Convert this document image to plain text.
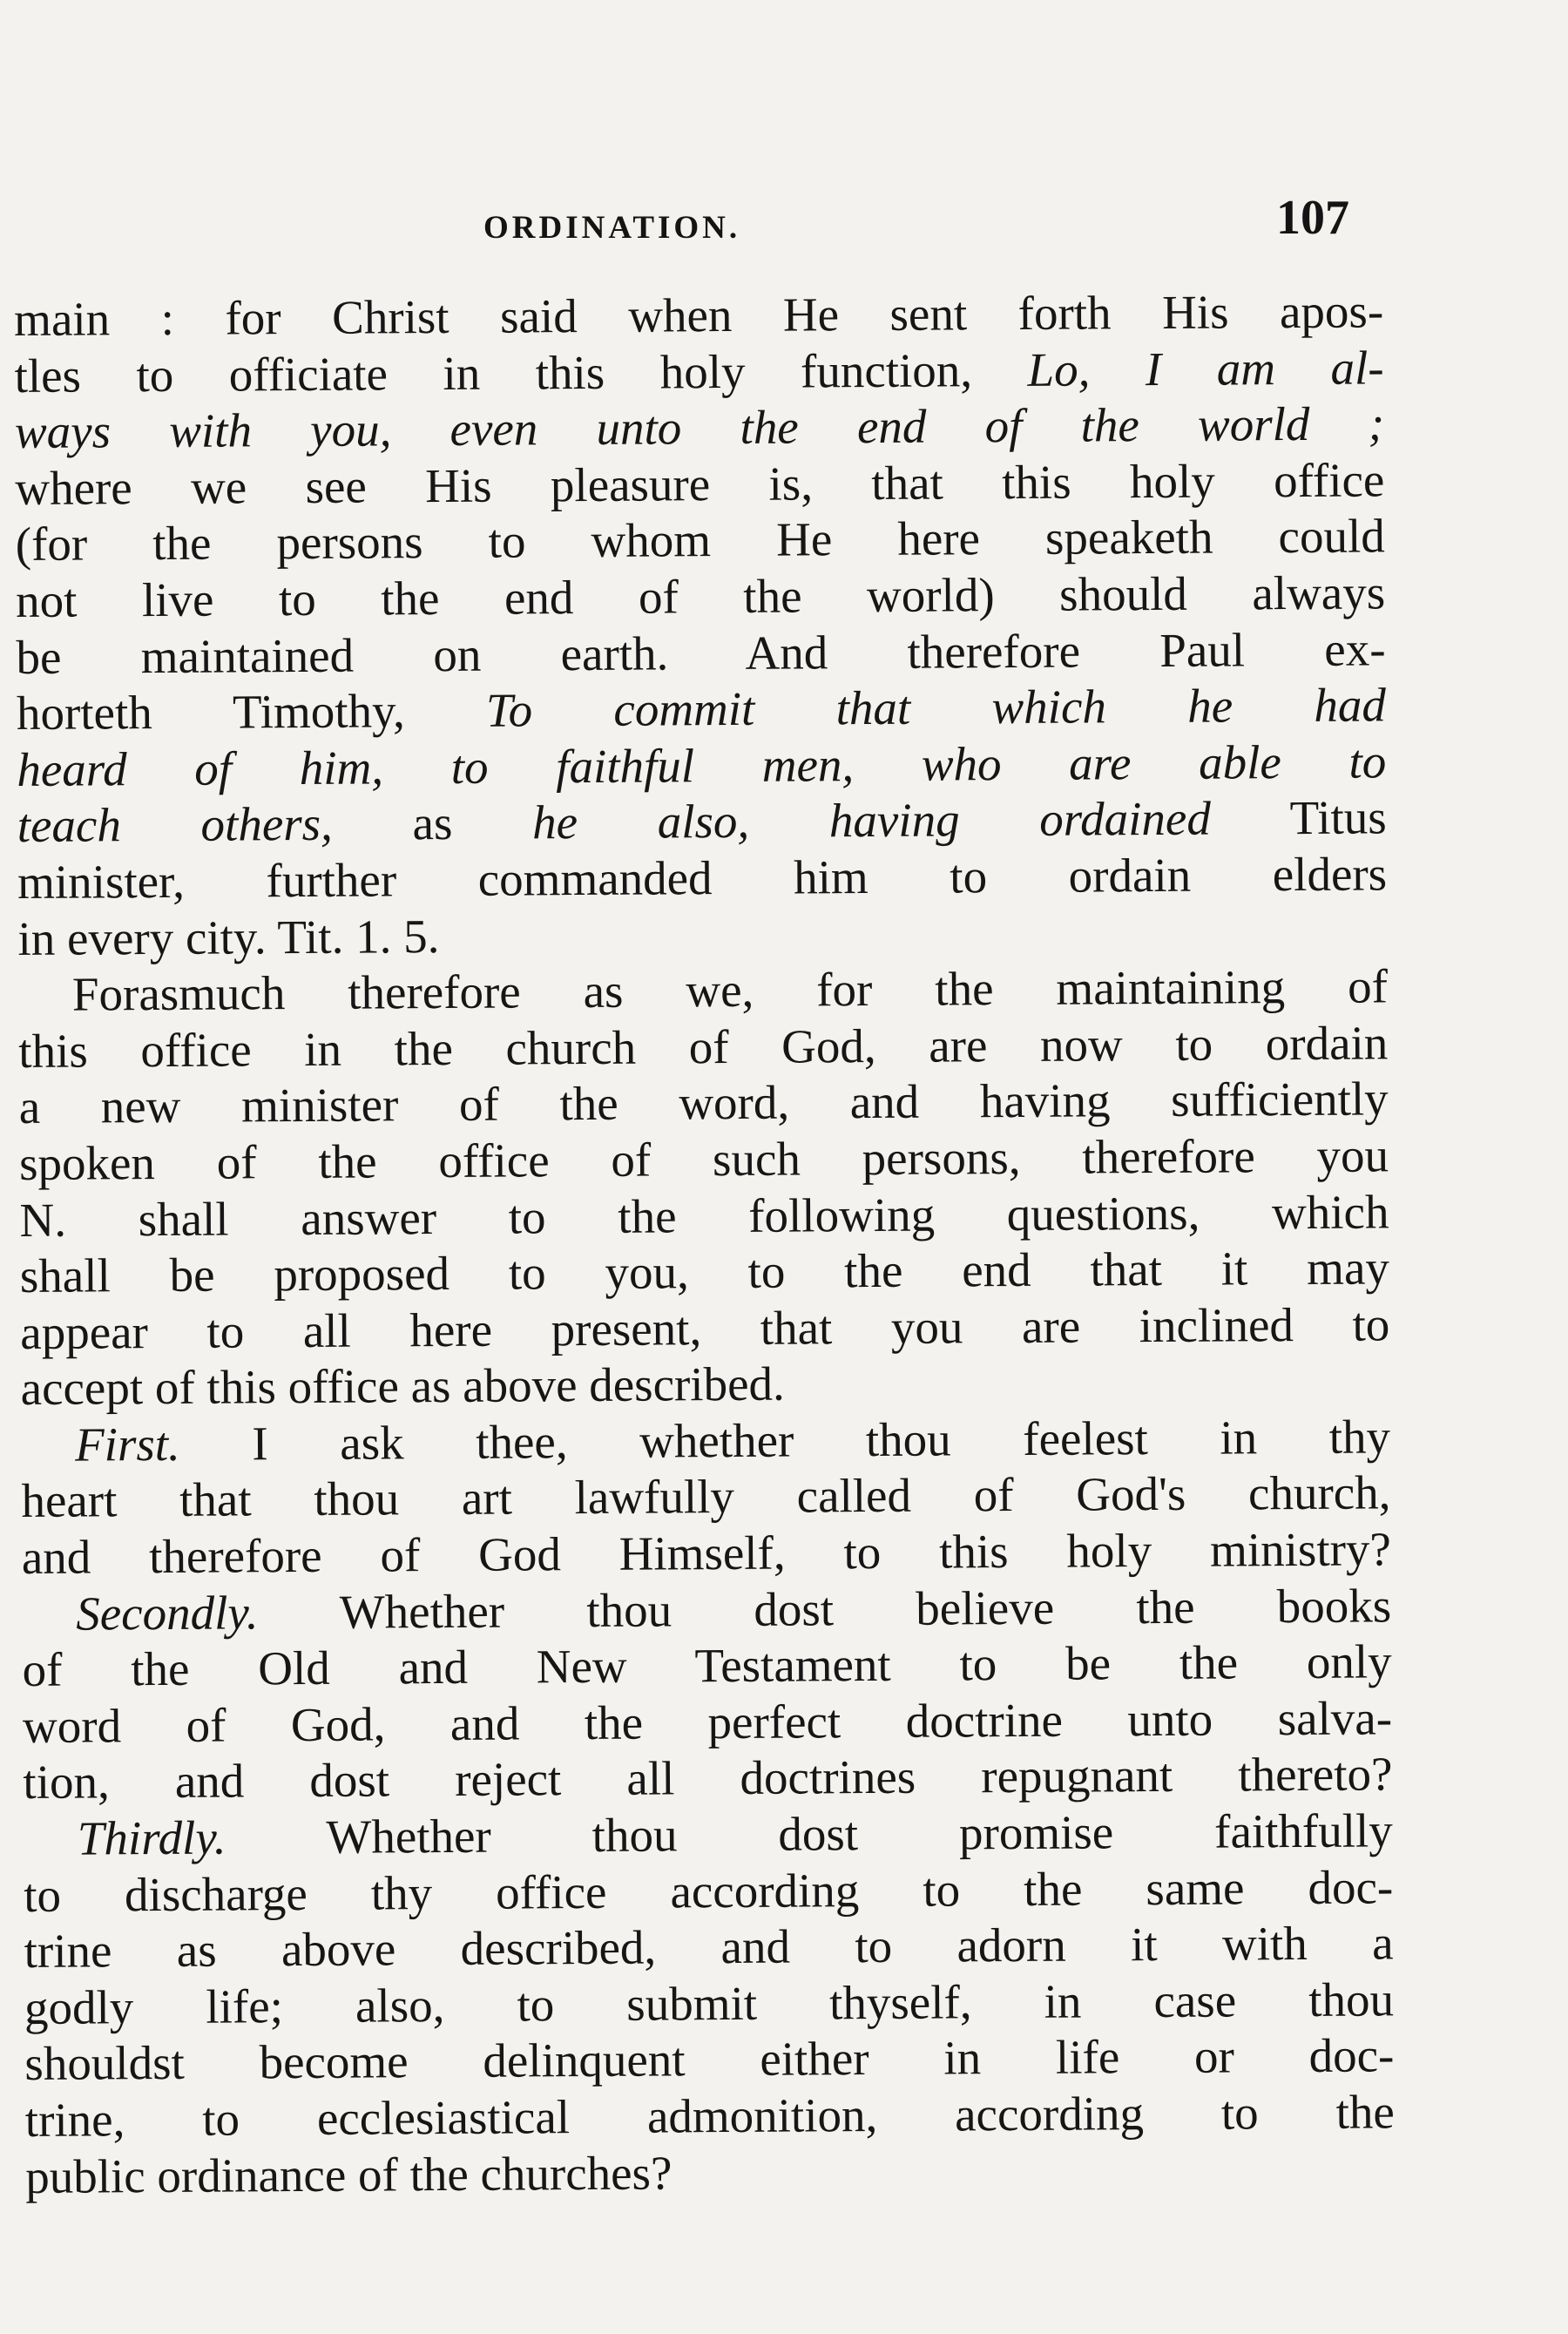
ORDINATION.	107
main : for Christ said when He sent forth His apos-
tles to officiate in this holy function, Lo, I am al-
ways with you, even unto the end of the world ;
where we see His pleasure is, that this holy office
(for the persons to whom He here speaketh could
not live to the end of the world) should always
be maintained on earth. And therefore Paul ex-
horteth Timothy, To commit that which he had
heard of him, to faithful men, who are able to
teach others, as he also, having ordained Titus
minister, further commanded him to ordain elders
in every city. Tit. 1. 5.
Forasmuch therefore as we, for the maintaining of
this office in the church of God, are now to ordain
a new minister of the word, and having sufficiently
spoken of the office of such persons, therefore you
N. shall answer to the following questions, which
shall be proposed to you, to the end that it may
appear to all here present, that you are inclined to
accept of this office as above described.
First. I ask thee, whether thou feelest in thy
heart that thou art lawfully called of God's church,
and therefore of God Himself, to this holy ministry?
Secondly. Whether thou dost believe the books
of the Old and New Testament to be the only
word of God, and the perfect doctrine unto salva-
tion, and dost reject all doctrines repugnant thereto?
Thirdly. Whether thou dost promise faithfully
to discharge thy office according to the same doc-
trine as above described, and to adorn it with a
godly life; also, to submit thyself, in case thou
shouldst become delinquent either in life or doc-
trine, to ecclesiastical admonition, according to the
public ordinance of the churches?
